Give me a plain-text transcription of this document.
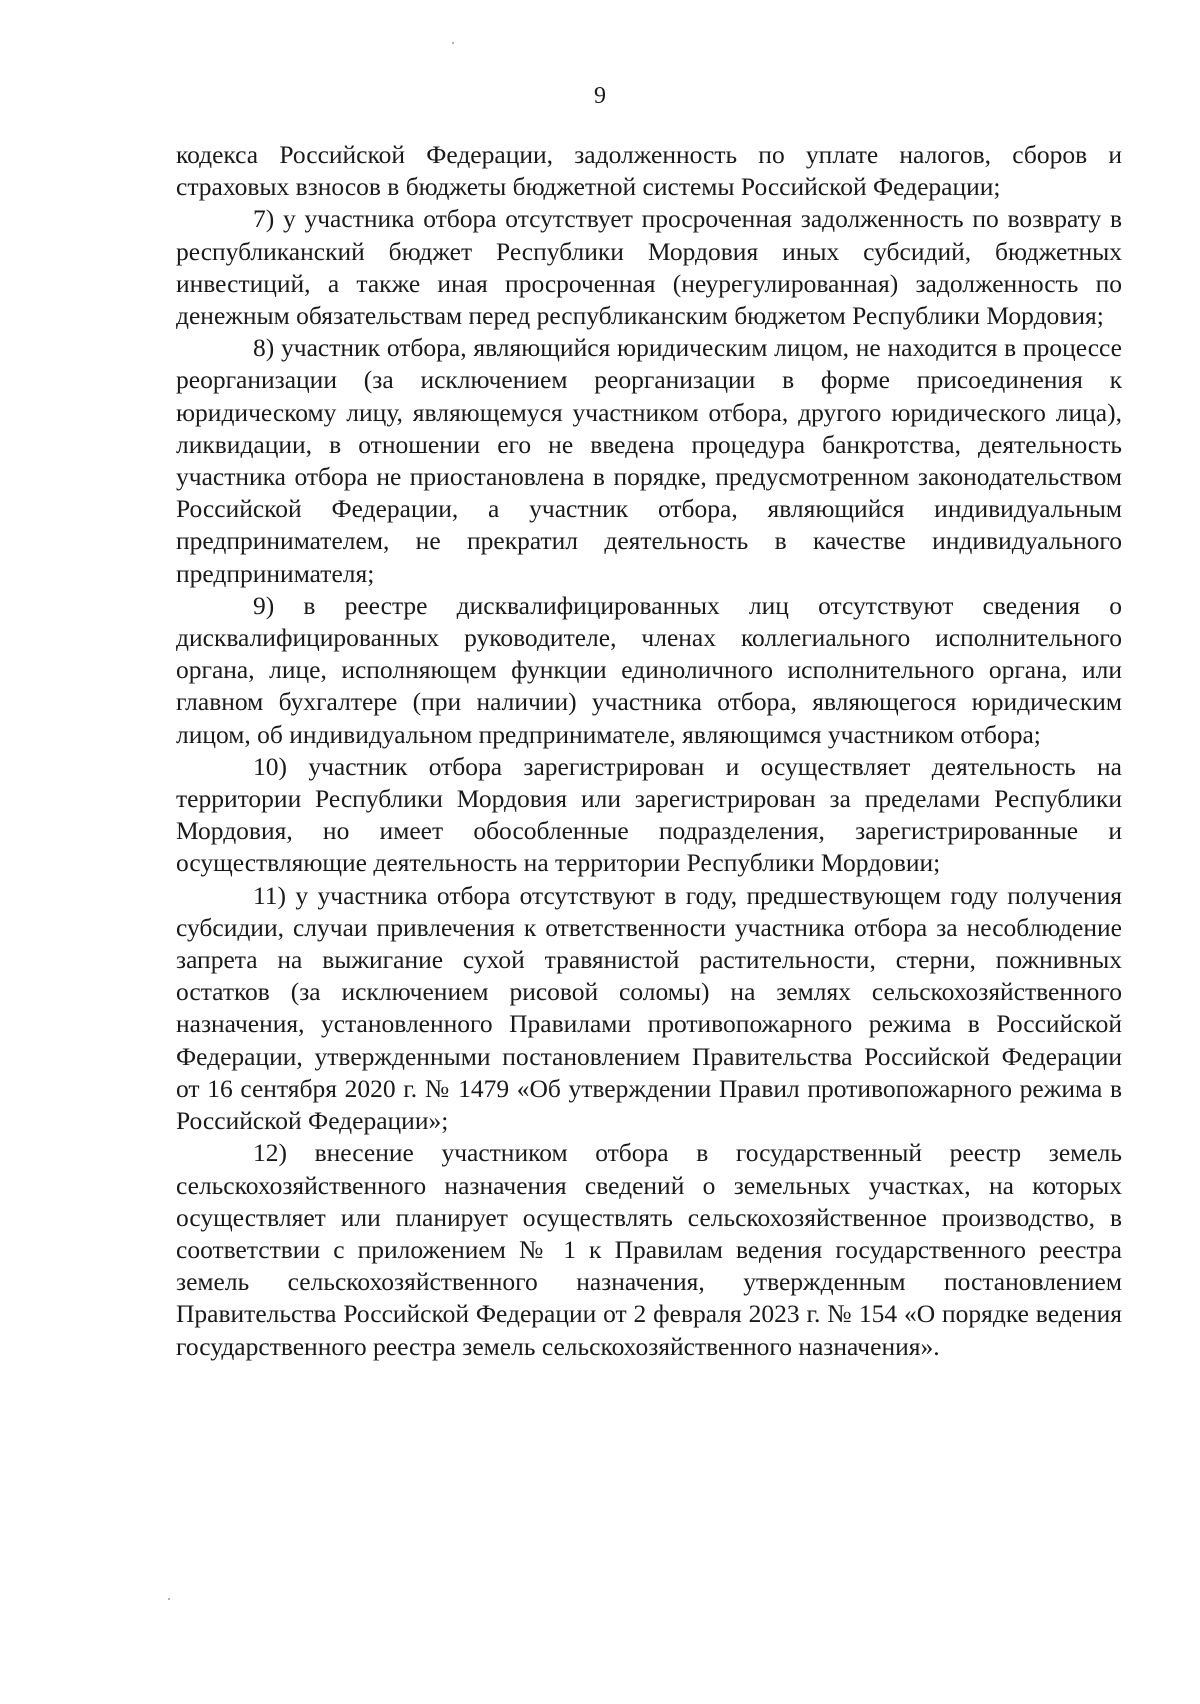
9

кодекса Российской Федерации, задолженность по уплате налогов, сборов и страховых взносов в бюджеты бюджетной системы Российской Федерации;

7) у участника отбора отсутствует просроченная задолженность по возврату в республиканский бюджет Республики Мордовия иных субсидий, бюджетных инвестиций, а также иная просроченная (неурегулированная) задолженность по денежным обязательствам перед республиканским бюджетом Республики Мордовия;

8) участник отбора, являющийся юридическим лицом, не находится в процессе реорганизации (за исключением реорганизации в форме присоединения к юридическому лицу, являющемуся участником отбора, другого юридического лица), ликвидации, в отношении его не введена процедура банкротства, деятельность участника отбора не приостановлена в порядке, предусмотренном законодательством Российской Федерации, а участник отбора, являющийся индивидуальным предпринимателем, не прекратил деятельность в качестве индивидуального предпринимателя;

9) в реестре дисквалифицированных лиц отсутствуют сведения о дисквалифицированных руководителе, членах коллегиального исполнительного органа, лице, исполняющем функции единоличного исполнительного органа, или главном бухгалтере (при наличии) участника отбора, являющегося юридическим лицом, об индивидуальном предпринимателе, являющимся участником отбора;

10) участник отбора зарегистрирован и осуществляет деятельность на территории Республики Мордовия или зарегистрирован за пределами Республики Мордовия, но имеет обособленные подразделения, зарегистрированные и осуществляющие деятельность на территории Республики Мордовии;

11) у участника отбора отсутствуют в году, предшествующем году получения субсидии, случаи привлечения к ответственности участника отбора за несоблюдение запрета на выжигание сухой травянистой растительности, стерни, пожнивных остатков (за исключением рисовой соломы) на землях сельскохозяйственного назначения, установленного Правилами противопожарного режима в Российской Федерации, утвержденными постановлением Правительства Российской Федерации от 16 сентября 2020 г. № 1479 «Об утверждении Правил противопожарного режима в Российской Федерации»;

12) внесение участником отбора в государственный реестр земель сельскохозяйственного назначения сведений о земельных участках, на которых осуществляет или планирует осуществлять сельскохозяйственное производство, в соответствии с приложением № 1 к Правилам ведения государственного реестра земель сельскохозяйственного назначения, утвержденным постановлением Правительства Российской Федерации от 2 февраля 2023 г. № 154 «О порядке ведения государственного реестра земель сельскохозяйственного назначения».
